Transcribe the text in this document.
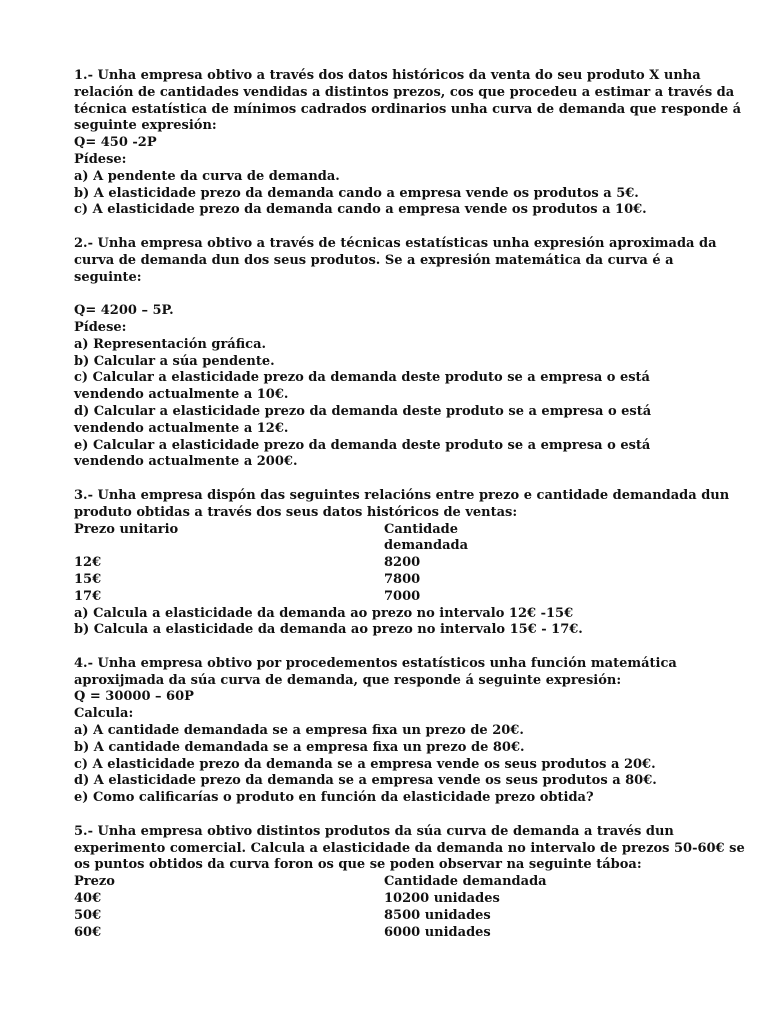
1.- Unha empresa obtivo a través dos datos históricos da venta do seu produto X unha
relación de cantidades vendidas a distintos prezos, cos que procedeu a estimar a través da
técnica estatística de mínimos cadrados ordinarios unha curva de demanda que responde á
seguinte expresión:
Q= 450 -2P
Pídese:
a) A pendente da curva de demanda.
b) A elasticidade prezo da demanda cando a empresa vende os produtos a 5€.
c) A elasticidade prezo da demanda cando a empresa vende os produtos a 10€.
2.- Unha empresa obtivo a través de técnicas estatísticas unha expresión aproximada da
curva de demanda dun dos seus produtos. Se a expresión matemática da curva é a
seguinte:
Q= 4200 – 5P.
Pídese:
a) Representación gráfica.
b) Calcular a súa pendente.
c) Calcular a elasticidade prezo da demanda deste produto se a empresa o está
vendendo actualmente a 10€.
d) Calcular a elasticidade prezo da demanda deste produto se a empresa o está
vendendo actualmente a 12€.
e) Calcular a elasticidade prezo da demanda deste produto se a empresa o está
vendendo actualmente a 200€.
3.- Unha empresa dispón das seguintes relacións entre prezo e cantidade demandada dun
produto obtidas a través dos seus datos históricos de ventas:
Prezo unitario	Cantidade demandada
12€	8200
15€	7800
17€	7000
a) Calcula a elasticidade da demanda ao prezo no intervalo 12€ -15€
b) Calcula a elasticidade da demanda ao prezo no intervalo 15€ - 17€.
4.- Unha empresa obtivo por procedementos estatísticos unha función matemática
aproxijmada da súa curva de demanda, que responde á seguinte expresión:
Q = 30000 – 60P
Calcula:
a) A cantidade demandada se a empresa fixa un prezo de 20€.
b) A cantidade demandada se a empresa fixa un prezo de 80€.
c) A elasticidade prezo da demanda se a empresa vende os seus produtos a 20€.
d) A elasticidade prezo da demanda se a empresa vende os seus produtos a 80€.
e) Como calificarías o produto en función da elasticidade prezo obtida?
5.- Unha empresa obtivo distintos produtos da súa curva de demanda a través dun
experimento comercial. Calcula a elasticidade da demanda no intervalo de prezos 50-60€ se
os puntos obtidos da curva foron os que se poden observar na seguinte táboa:
Prezo	Cantidade demandada
40€	10200 unidades
50€	8500 unidades
60€	6000 unidades
